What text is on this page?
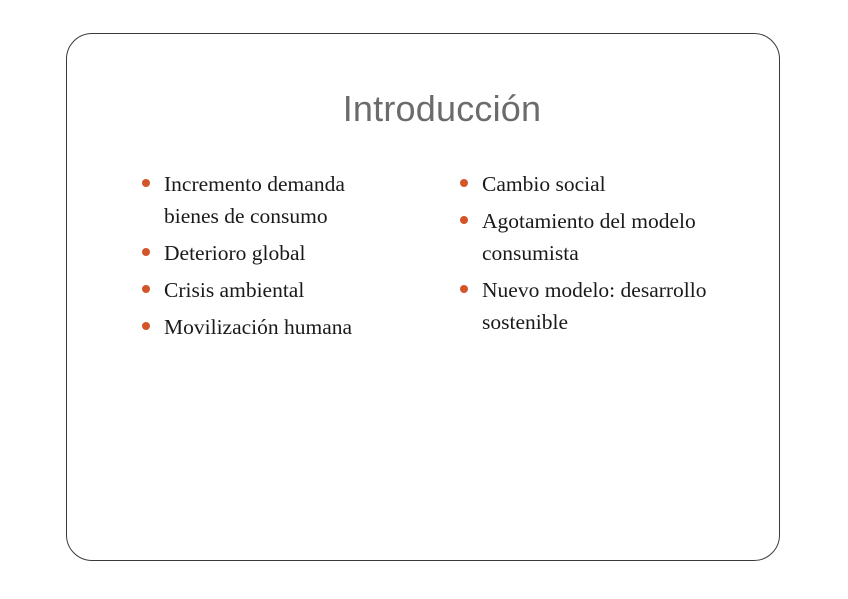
Introducción
Incremento demanda
bienes de consumo
Deterioro global
Crisis ambiental
Movilización humana
Cambio social
Agotamiento del modelo
consumista
Nuevo modelo: desarrollo
sostenible
